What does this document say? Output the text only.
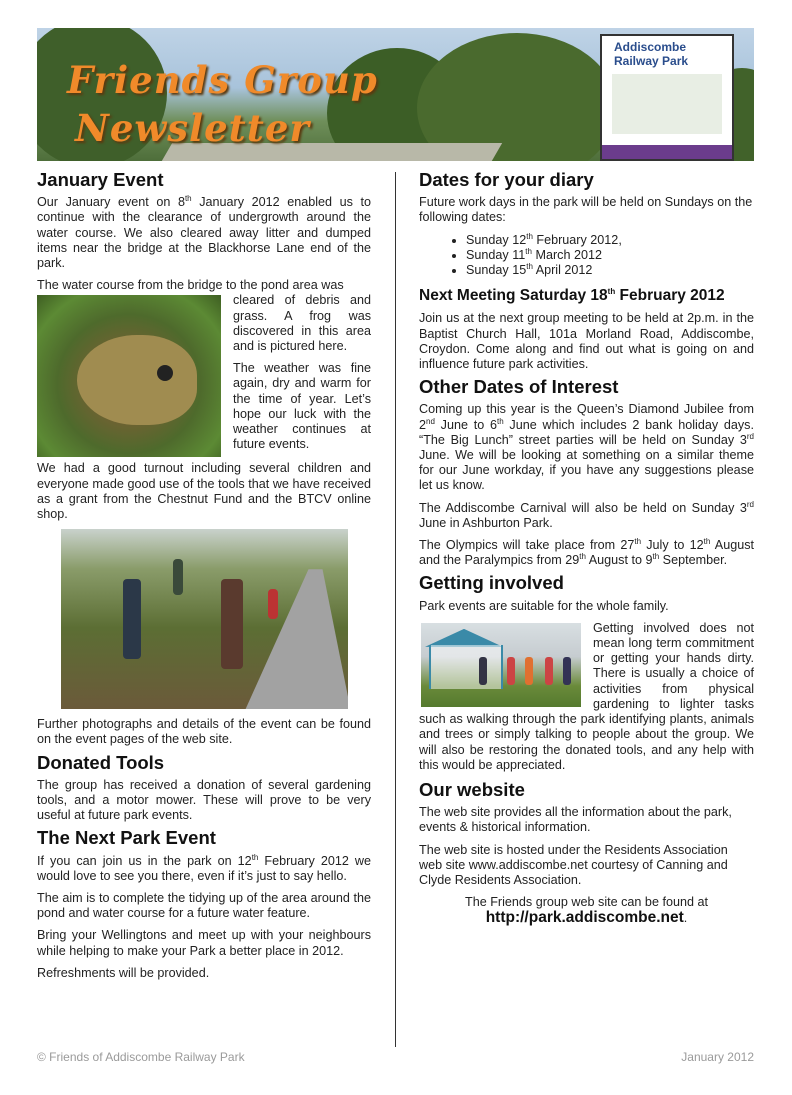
Friends Group
Newsletter
Addiscombe
Railway Park
January Event

Our January event on 8th January 2012 enabled us to continue with the clearance of undergrowth around the water course. We also cleared away litter and dumped items near the bridge at the Blackhorse Lane end of the park.

The water course from the bridge to the pond area was

cleared of debris and grass. A frog was discovered in this area and is pictured here.

The weather was fine again, dry and warm for the time of year. Let’s hope our luck with the weather continues at future events.

We had a good turnout including several children and everyone made good use of the tools that we have received as a grant from the Chestnut Fund and the BTCV online shop.

Further photographs and details of the event can be found on the event pages of the web site.

Donated Tools

The group has received a donation of several gardening tools, and a motor mower. These will prove to be very useful at future park events.

The Next Park Event

If you can join us in the park on 12th February 2012 we would love to see you there, even if it’s just to say hello.

The aim is to complete the tidying up of the area around the pond and water course for a future water feature.

Bring your Wellingtons and meet up with your neighbours while helping to make your Park a better place in 2012.

Refreshments will be provided.

Dates for your diary

Future work days in the park will be held on Sundays on the following dates:

• Sunday 12th February 2012,
• Sunday 11th March 2012
• Sunday 15th April 2012
Next Meeting Saturday 18th February 2012

Join us at the next group meeting to be held at 2p.m. in the Baptist Church Hall, 101a Morland Road, Addiscombe, Croydon. Come along and find out what is going on and influence future park activities.

Other Dates of Interest

Coming up this year is the Queen’s Diamond Jubilee from 2nd June to 6th June which includes 2 bank holiday days. “The Big Lunch” street parties will be held on Sunday 3rd June. We will be looking at something on a similar theme for our June workday, if you have any suggestions please let us know.

The Addiscombe Carnival will also be held on Sunday 3rd June in Ashburton Park.

The Olympics will take place from 27th July to 12th August and the Paralympics from 29th August to 9th September.

Getting involved

Park events are suitable for the whole family.

Getting involved does not mean long term commitment or getting your hands dirty. There is usually a choice of activities from physical gardening to lighter tasks such as walking through the park identifying plants, animals and trees or simply talking to people about the group. We will also be restoring the donated tools, and any help with this would be appreciated.

Our website

The web site provides all the information about the park, events & historical information.

The web site is hosted under the Residents Association web site www.addiscombe.net courtesy of Canning and Clyde Residents Association.

The Friends group web site can be found at

http://park.addiscombe.net.

© Friends of Addiscombe Railway Park	January 2012
